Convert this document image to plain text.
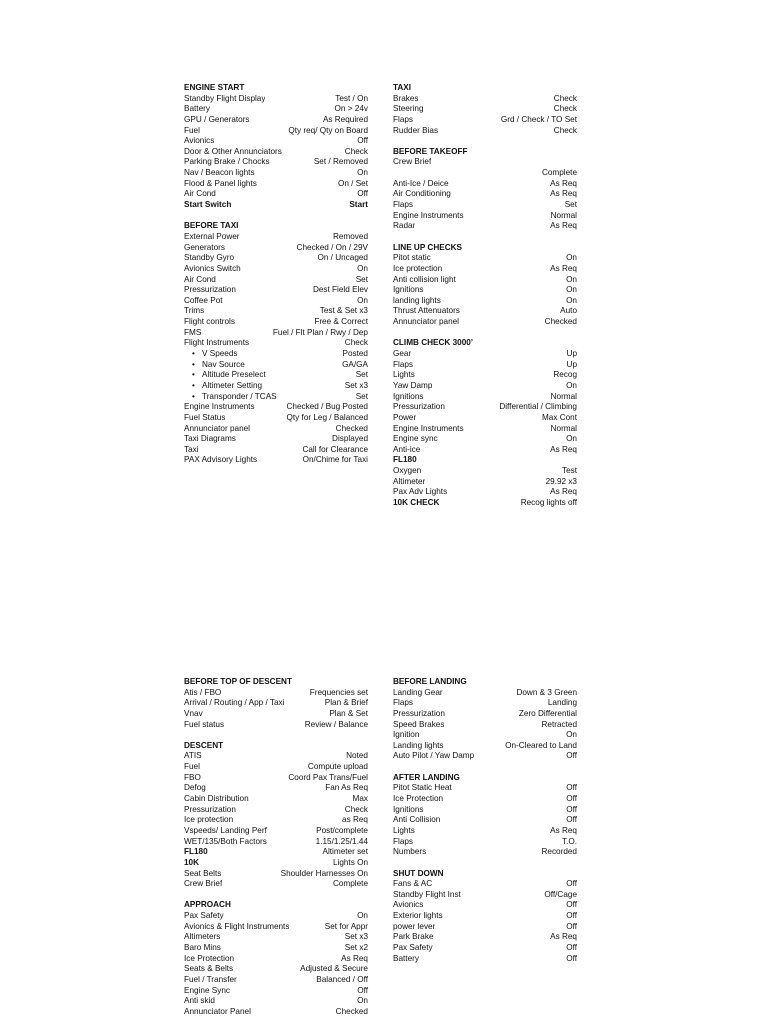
ENGINE START
Standby Flight Display	Test / On
Battery	On > 24v
GPU / Generators	As Required
Fuel	Qty req/ Qty on Board
Avionics	Off
Door & Other Annunciators	Check
Parking Brake / Chocks	Set / Removed
Nav / Beacon lights	On
Flood & Panel lights	On / Set
Air Cond	Off
Start Switch	Start
BEFORE TAXI
External Power	Removed
Generators	Checked / On / 29V
Standby Gyro	On / Uncaged
Avionics Switch	On
Air Cond	Set
Pressurization	Dest Field Elev
Coffee Pot	On
Trims	Test & Set x3
Flight controls	Free & Correct
FMS	Fuel / Flt Plan / Rwy / Dep
Flight Instruments	Check
• V Speeds	Posted
• Nav Source	GA/GA
• Altitude Preselect	Set
• Altimeter Setting	Set x3
• Transponder / TCAS	Set
Engine Instruments	Checked / Bug Posted
Fuel Status	Qty for Leg / Balanced
Annunciator panel	Checked
Taxi Diagrams	Displayed
Taxi	Call for Clearance
PAX Advisory Lights	On/Chime for Taxi
TAXI
Brakes	Check
Steering	Check
Flaps	Grd / Check / TO Set
Rudder Bias	Check
BEFORE TAKEOFF
Crew Brief
Complete
Anti-Ice / Deice	As Req
Air Conditioning	As Req
Flaps	Set
Engine Instruments	Normal
Radar	As Req
LINE UP CHECKS
Pitot static	On
Ice protection	As Req
Anti collision light	On
Ignitions	On
landing lights	On
Thrust Attenuators	Auto
Annunciator panel	Checked
CLIMB CHECK 3000’
Gear	Up
Flaps	Up
Lights	Recog
Yaw Damp	On
Ignitions	Normal
Pressurization	Differential / Climbing
Power	Max Cont
Engine Instruments	Normal
Engine sync	On
Anti-ice	As Req
FL180
Oxygen	Test
Altimeter	29.92 x3
Pax Adv Lights	As Req
10K CHECK	Recog lights off
BEFORE TOP OF DESCENT
Atis / FBO	Frequencies set
Arrival / Routing / App / Taxi	Plan & Brief
Vnav	Plan & Set
Fuel status	Review / Balance
DESCENT
ATIS	Noted
Fuel	Compute upload
FBO	Coord Pax Trans/Fuel
Defog	Fan As Req
Cabin Distribution	Max
Pressurization	Check
Ice protection	as Req
Vspeeds/ Landing Perf	Post/complete
WET/135/Both Factors	1.15/1.25/1.44
FL180	Altimeter set
10K	Lights On
Seat Belts	Shoulder Harnesses On
Crew Brief	Complete
APPROACH
Pax Safety	On
Avionics & Flight Instruments	Set for Appr
Altimeters	Set x3
Baro Mins	Set x2
Ice Protection	As Req
Seats & Belts	Adjusted & Secure
Fuel / Transfer	Balanced / Off
Engine Sync	Off
Anti skid	On
Annunciator Panel	Checked
BEFORE LANDING
Landing Gear	Down & 3 Green
Flaps	Landing
Pressurization	Zero Differential
Speed Brakes	Retracted
Ignition	On
Landing lights	On-Cleared to Land
Auto Pilot / Yaw Damp	Off
AFTER LANDING
Pitot Static Heat	Off
Ice Protection	Off
Ignitions	Off
Anti Collision	Off
Lights	As Req
Flaps	T.O.
Numbers	Recorded
SHUT DOWN
Fans & AC	Off
Standby Flight Inst	Off/Cage
Avionics	Off
Exterior lights	Off
power lever	Off
Park Brake	As Req
Pax Safety	Off
Battery	Off
